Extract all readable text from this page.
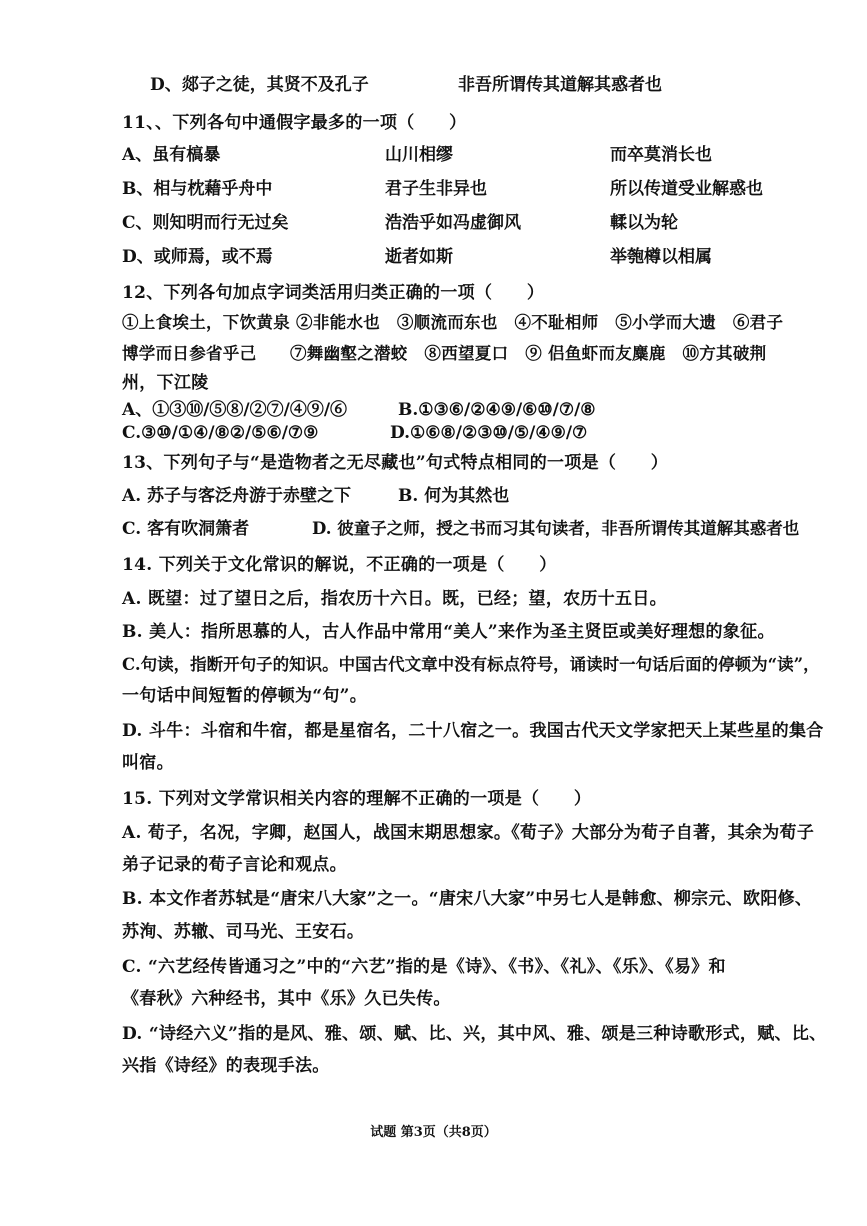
D、郯子之徒，其贤不及孔子	非吾所谓传其道解其惑者也
11、、下列各句中通假字最多的一项（　　）
A、虽有槁暴	山川相缪	而卒莫消长也
B、相与枕藉乎舟中	君子生非异也	所以传道受业解惑也
C、则知明而行无过矣	浩浩乎如冯虚御风	輮以为轮
D、或师焉，或不焉	逝者如斯	举匏樽以相属
12、下列各句加点字词类活用归类正确的一项（　　）
①上食埃土，下饮黄泉 ②非能水也　③顺流而东也　④不耻相师　⑤小学而大遗　⑥君子
博学而日参省乎己　　⑦舞幽壑之潜蛟　⑧西望夏口　⑨ 侣鱼虾而友麋鹿　⑩方其破荆
州，下江陵
A、①③⑩/⑤⑧/②⑦/④⑨/⑥	B.①③⑥/②④⑨/⑥⑩/⑦/⑧
C.③⑩/①④/⑧②/⑤⑥/⑦⑨	D.①⑥⑧/②③⑩/⑤/④⑨/⑦
13、下列句子与“是造物者之无尽藏也”句式特点相同的一项是（　　）
A. 苏子与客泛舟游于赤壁之下	B. 何为其然也
C. 客有吹洞箫者	D. 彼童子之师，授之书而习其句读者，非吾所谓传其道解其惑者也
14. 下列关于文化常识的解说，不正确的一项是（　　）
A. 既望：过了望日之后，指农历十六日。既，已经；望，农历十五日。
B. 美人：指所思慕的人，古人作品中常用“美人”来作为圣主贤臣或美好理想的象征。
C.句读，指断开句子的知识。中国古代文章中没有标点符号，诵读时一句话后面的停顿为“读”，
一句话中间短暂的停顿为“句”。
D. 斗牛：斗宿和牛宿，都是星宿名，二十八宿之一。我国古代天文学家把天上某些星的集合
叫宿。
15. 下列对文学常识相关内容的理解不正确的一项是（　　）
A. 荀子，名况，字卿，赵国人，战国末期思想家。《荀子》大部分为荀子自著，其余为荀子
弟子记录的荀子言论和观点。
B. 本文作者苏轼是“唐宋八大家”之一。“唐宋八大家”中另七人是韩愈、柳宗元、欧阳修、
苏洵、苏辙、司马光、王安石。
C. “六艺经传皆通习之”中的“六艺”指的是《诗》、《书》、《礼》、《乐》、《易》和
《春秋》六种经书，其中《乐》久已失传。
D. “诗经六义”指的是风、雅、颂、赋、比、兴，其中风、雅、颂是三种诗歌形式，赋、比、
兴指《诗经》的表现手法。
试题 第3页（共8页）
